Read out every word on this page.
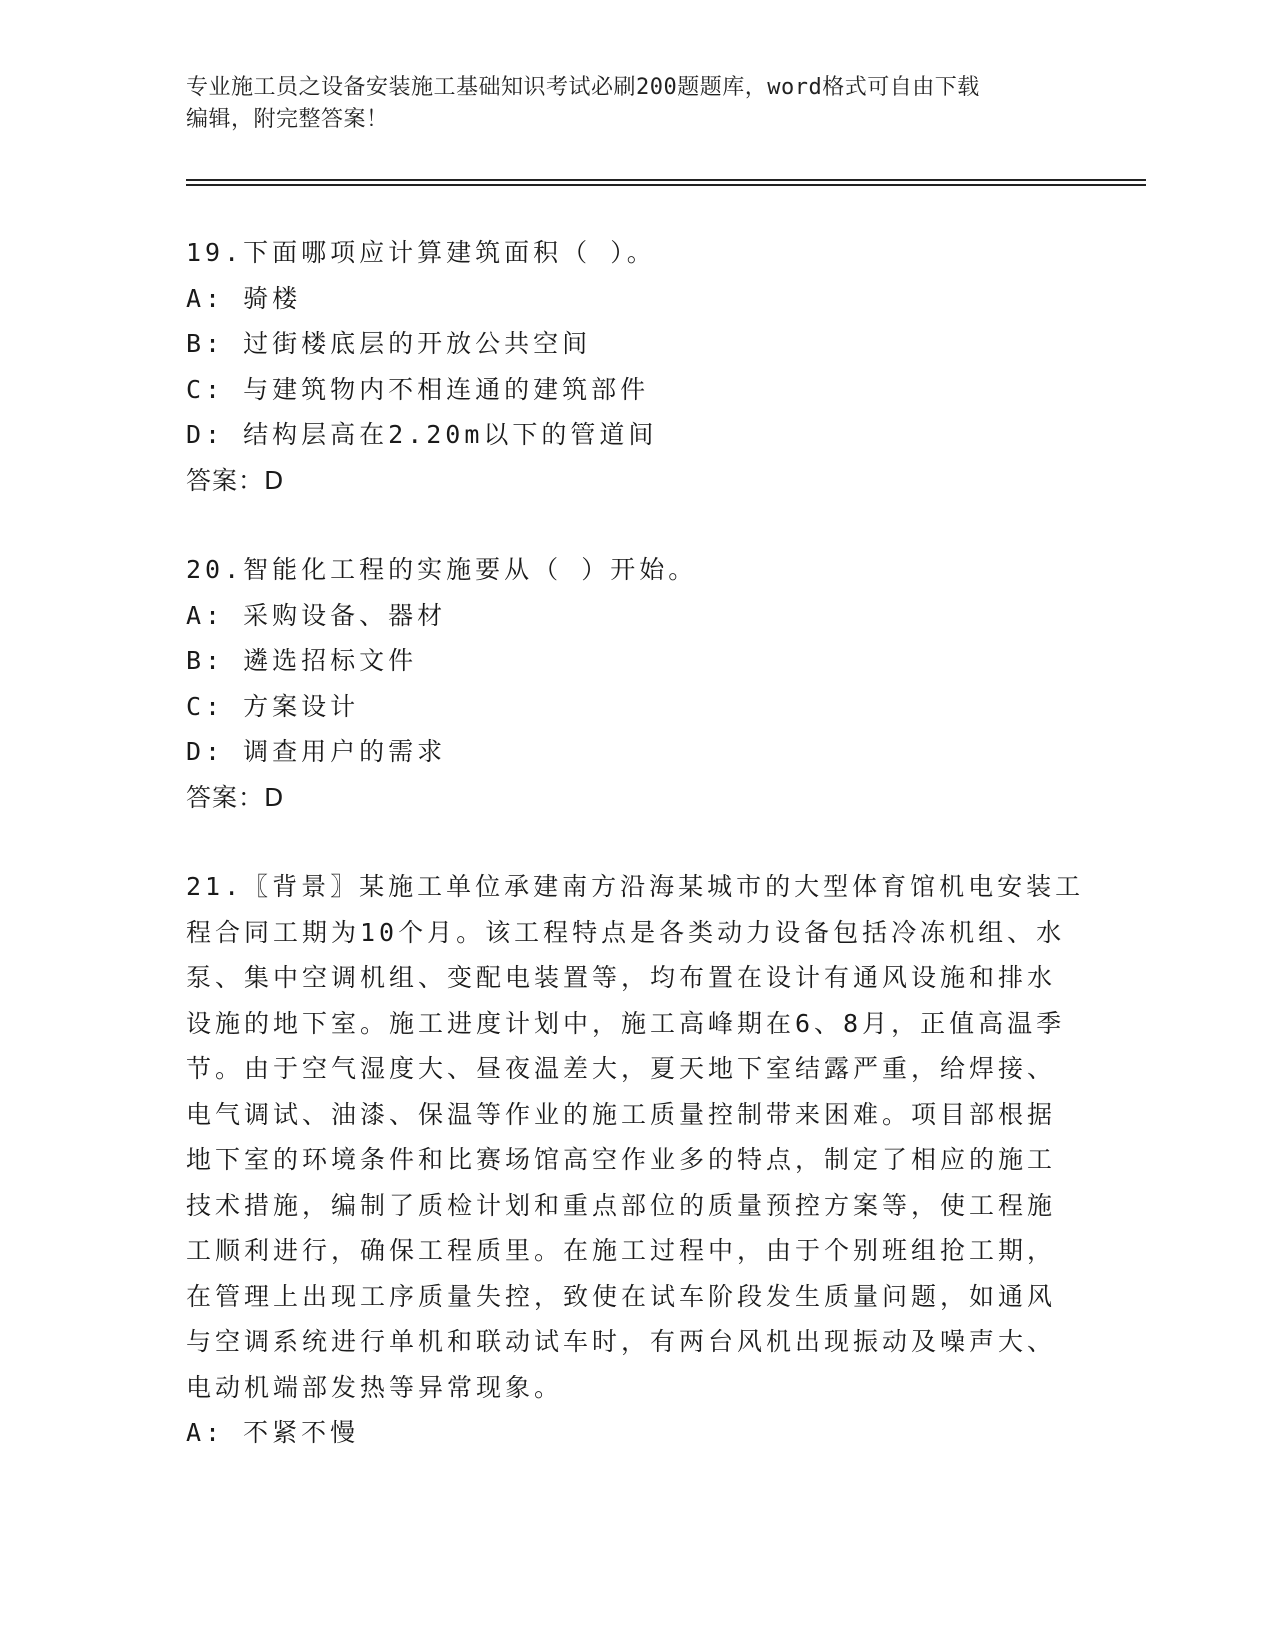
专业施工员之设备安装施工基础知识考试必刷200题题库，word格式可自由下载
编辑，附完整答案！
19.下面哪项应计算建筑面积（ ）。
A: 骑楼
B: 过街楼底层的开放公共空间
C: 与建筑物内不相连通的建筑部件
D: 结构层高在2.20m以下的管道间
答案：D
20.智能化工程的实施要从（ ）开始。
A: 采购设备、器材
B: 遴选招标文件
C: 方案设计
D: 调查用户的需求
答案：D
21.〖背景〗某施工单位承建南方沿海某城市的大型体育馆机电安装工
程合同工期为10个月。该工程特点是各类动力设备包括冷冻机组、水
泵、集中空调机组、变配电装置等，均布置在设计有通风设施和排水
设施的地下室。施工进度计划中，施工高峰期在6、8月，正值高温季
节。由于空气湿度大、昼夜温差大，夏天地下室结露严重，给焊接、
电气调试、油漆、保温等作业的施工质量控制带来困难。项目部根据
地下室的环境条件和比赛场馆高空作业多的特点，制定了相应的施工
技术措施，编制了质检计划和重点部位的质量预控方案等，使工程施
工顺利进行，确保工程质里。在施工过程中，由于个别班组抢工期，
在管理上出现工序质量失控，致使在试车阶段发生质量问题，如通风
与空调系统进行单机和联动试车时，有两台风机出现振动及噪声大、
电动机端部发热等异常现象。
A: 不紧不慢
